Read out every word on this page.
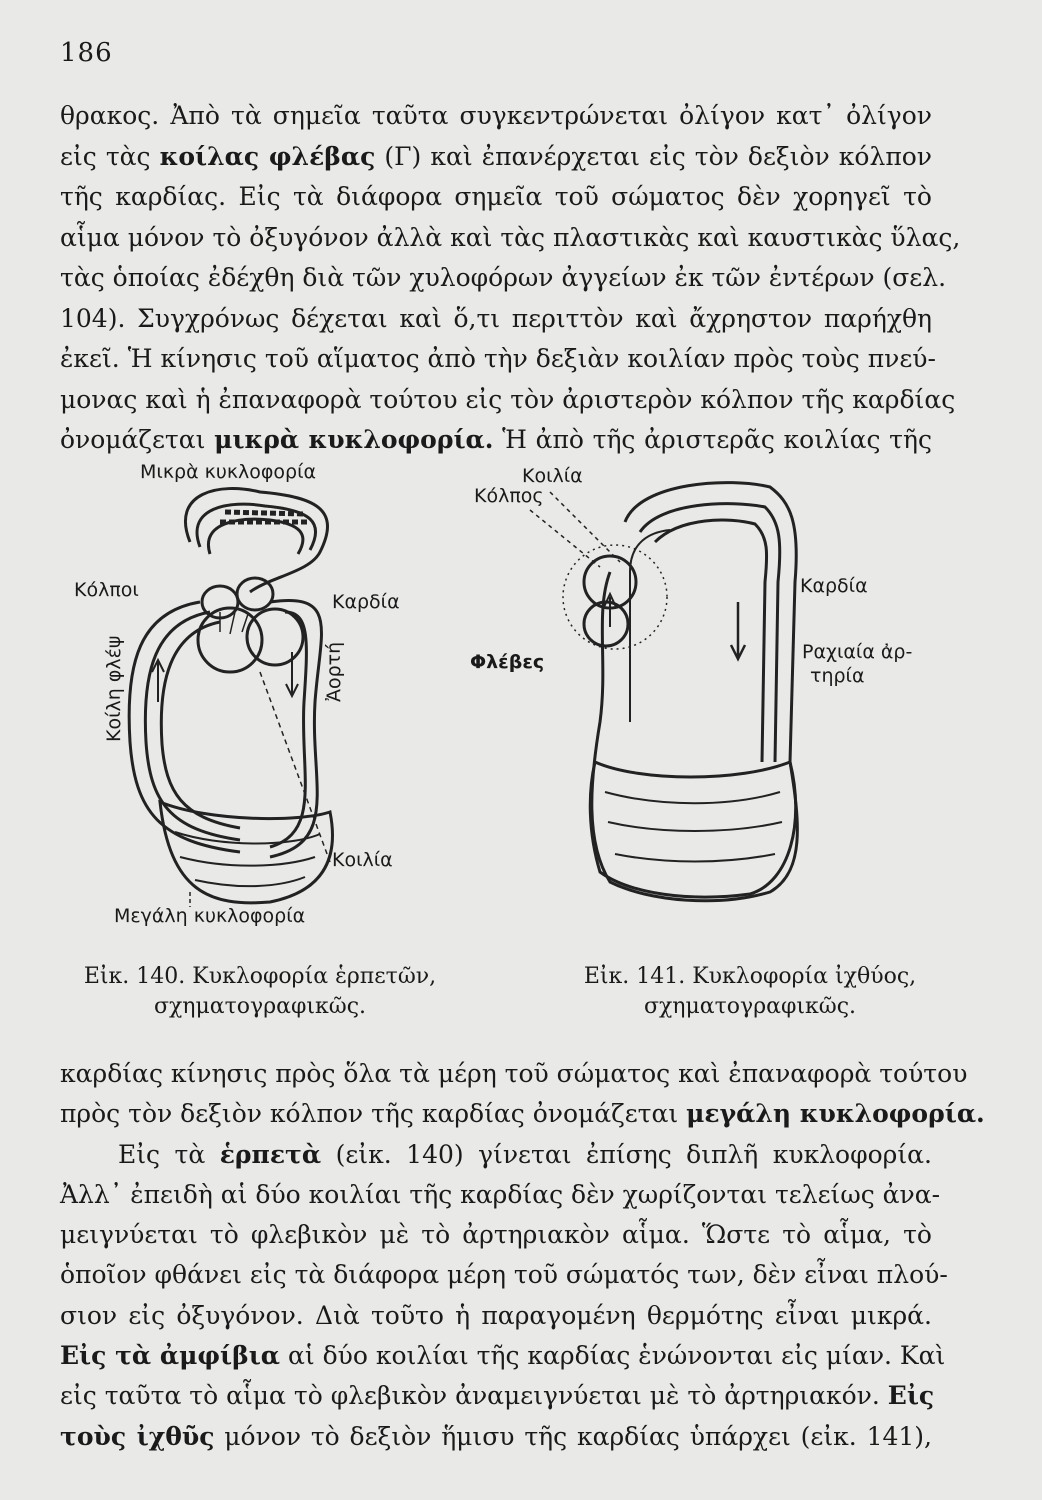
186
θρακος. Ἀπὸ τὰ σημεῖα ταῦτα συγκεντρώνεται ὀλίγον κατ᾽ ὀλίγον
εἰς τὰς κοίλας φλέβας (Γ) καὶ ἐπανέρχεται εἰς τὸν δεξιὸν κόλπον
τῆς καρδίας. Εἰς τὰ διάφορα σημεῖα τοῦ σώματος δὲν χορηγεῖ τὸ
αἷμα μόνον τὸ ὀξυγόνον ἀλλὰ καὶ τὰς πλαστικὰς καὶ καυστικὰς ὕλας,
τὰς ὁποίας ἐδέχθη διὰ τῶν χυλοφόρων ἀγγείων ἐκ τῶν ἐντέρων (σελ.
104). Συγχρόνως δέχεται καὶ ὅ,τι περιττὸν καὶ ἄχρηστον παρήχθη
ἐκεῖ. Ἡ κίνησις τοῦ αἵματος ἀπὸ τὴν δεξιὰν κοιλίαν πρὸς τοὺς πνεύ-
μονας καὶ ἡ ἐπαναφορὰ τούτου εἰς τὸν ἀριστερὸν κόλπον τῆς καρδίας
ὀνομάζεται μικρὰ κυκλοφορία. Ἡ ἀπὸ τῆς ἀριστερᾶς κοιλίας τῆς
Μικρὰ κυκλοφορία
Κόλποι
Κοίλη φλέψ
Καρδία
Ἀορτή
Κοιλία
Μεγάλη κυκλοφορία
Κοιλία
Κόλπος
Φλέβες
Καρδία
Ραχιαία ἀρ-
τηρία
Εἰκ. 140. Κυκλοφορία ἑρπετῶν,
σχηματογραφικῶς.
Εἰκ. 141. Κυκλοφορία ἰχθύος,
σχηματογραφικῶς.
καρδίας κίνησις πρὸς ὅλα τὰ μέρη τοῦ σώματος καὶ ἐπαναφορὰ τούτου
πρὸς τὸν δεξιὸν κόλπον τῆς καρδίας ὀνομάζεται μεγάλη κυκλοφορία.
Εἰς τὰ ἑρπετὰ (εἰκ. 140) γίνεται ἐπίσης διπλῆ κυκλοφορία.
Ἀλλ᾽ ἐπειδὴ αἱ δύο κοιλίαι τῆς καρδίας δὲν χωρίζονται τελείως ἀνα-
μειγνύεται τὸ φλεβικὸν μὲ τὸ ἀρτηριακὸν αἷμα. Ὥστε τὸ αἷμα, τὸ
ὁποῖον φθάνει εἰς τὰ διάφορα μέρη τοῦ σώματός των, δὲν εἶναι πλού-
σιον εἰς ὀξυγόνον. Διὰ τοῦτο ἡ παραγομένη θερμότης εἶναι μικρά.
Εἰς τὰ ἀμφίβια αἱ δύο κοιλίαι τῆς καρδίας ἑνώνονται εἰς μίαν. Καὶ
εἰς ταῦτα τὸ αἷμα τὸ φλεβικὸν ἀναμειγνύεται μὲ τὸ ἀρτηριακόν. Εἰς
τοὺς ἰχθῦς μόνον τὸ δεξιὸν ἥμισυ τῆς καρδίας ὑπάρχει (εἰκ. 141),
